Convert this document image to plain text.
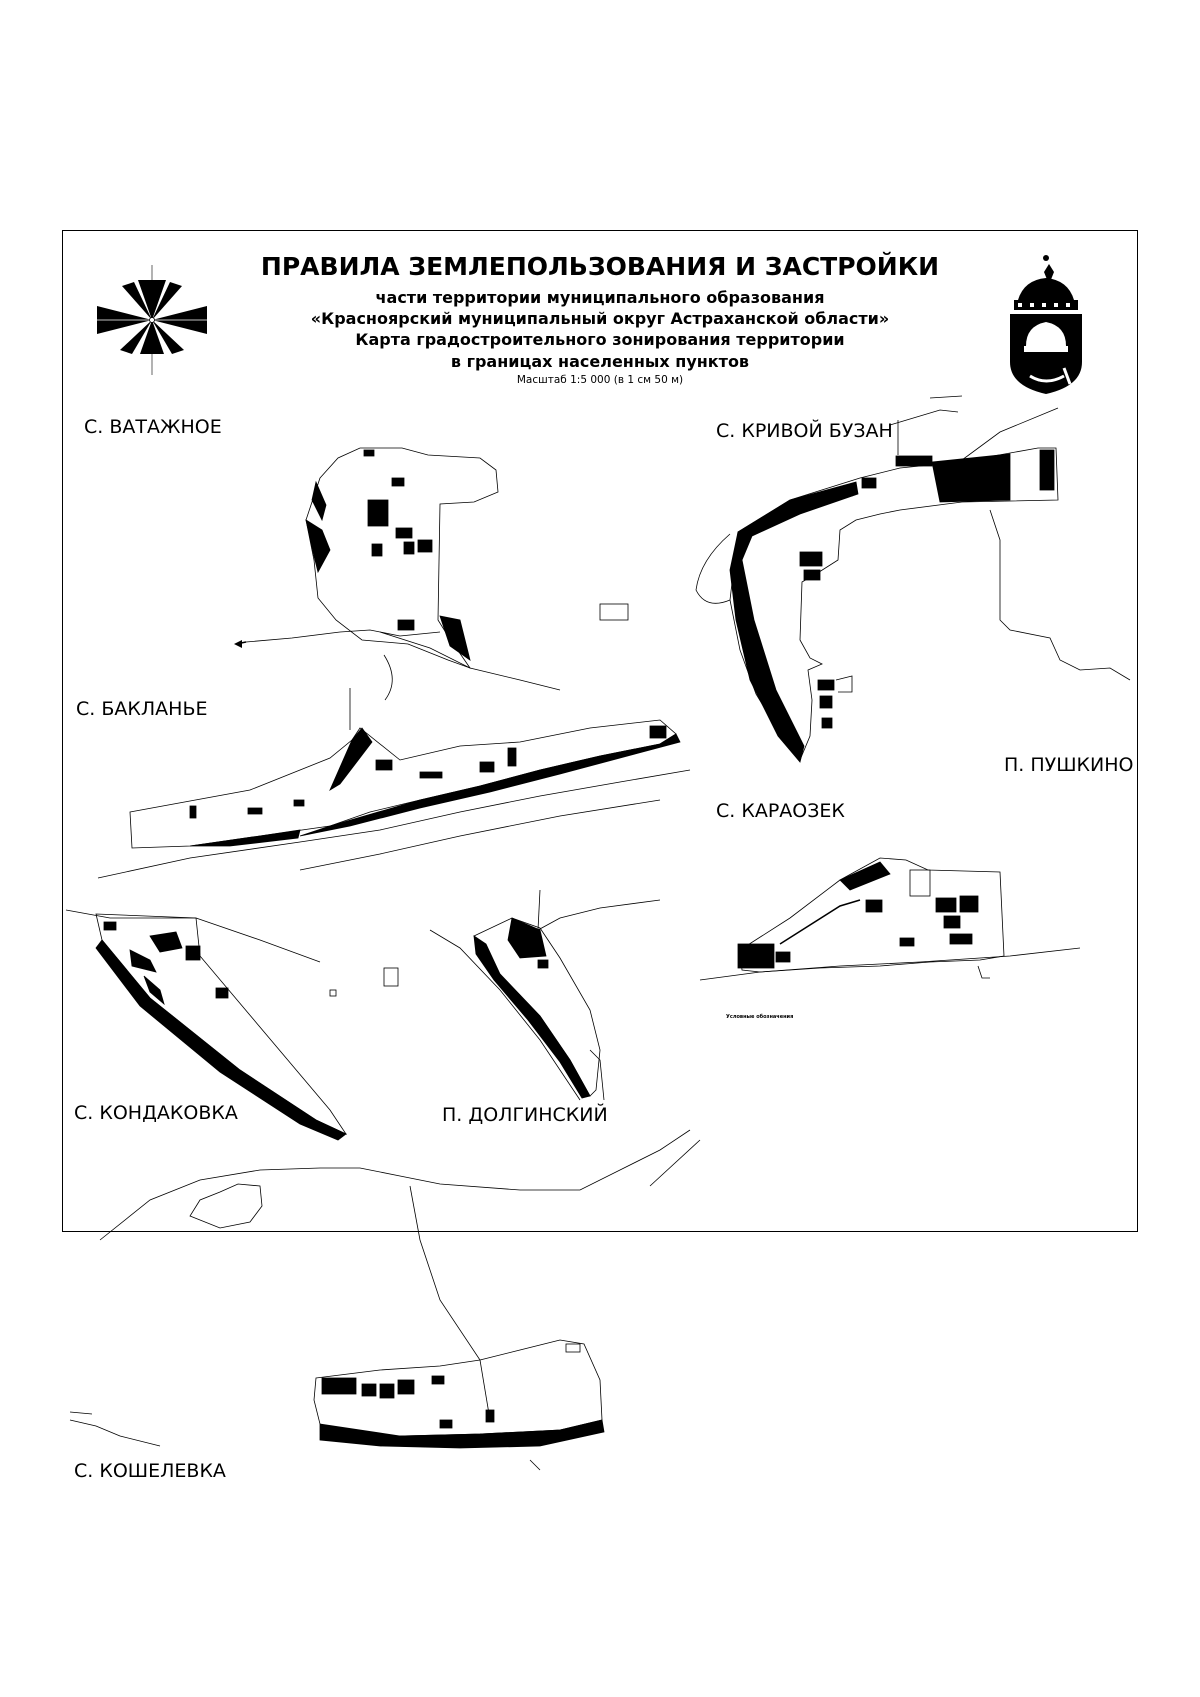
ПРАВИЛА ЗЕМЛЕПОЛЬЗОВАНИЯ И ЗАСТРОЙКИ
части территории муниципального образования
«Красноярский муниципальный округ Астраханской области»
Карта градостроительного зонирования территории
в границах населенных пунктов
Масштаб 1:5 000 (в 1 см 50 м)
С. ВАТАЖНОЕ	С. КРИВОЙ БУЗАН
С. БАКЛАНЬЕ
П. ПУШКИНО
С. КАРАОЗЕК
С. КОНДАКОВКА	П. ДОЛГИНСКИЙ
С. КОШЕЛЕВКА
Условные обозначения
